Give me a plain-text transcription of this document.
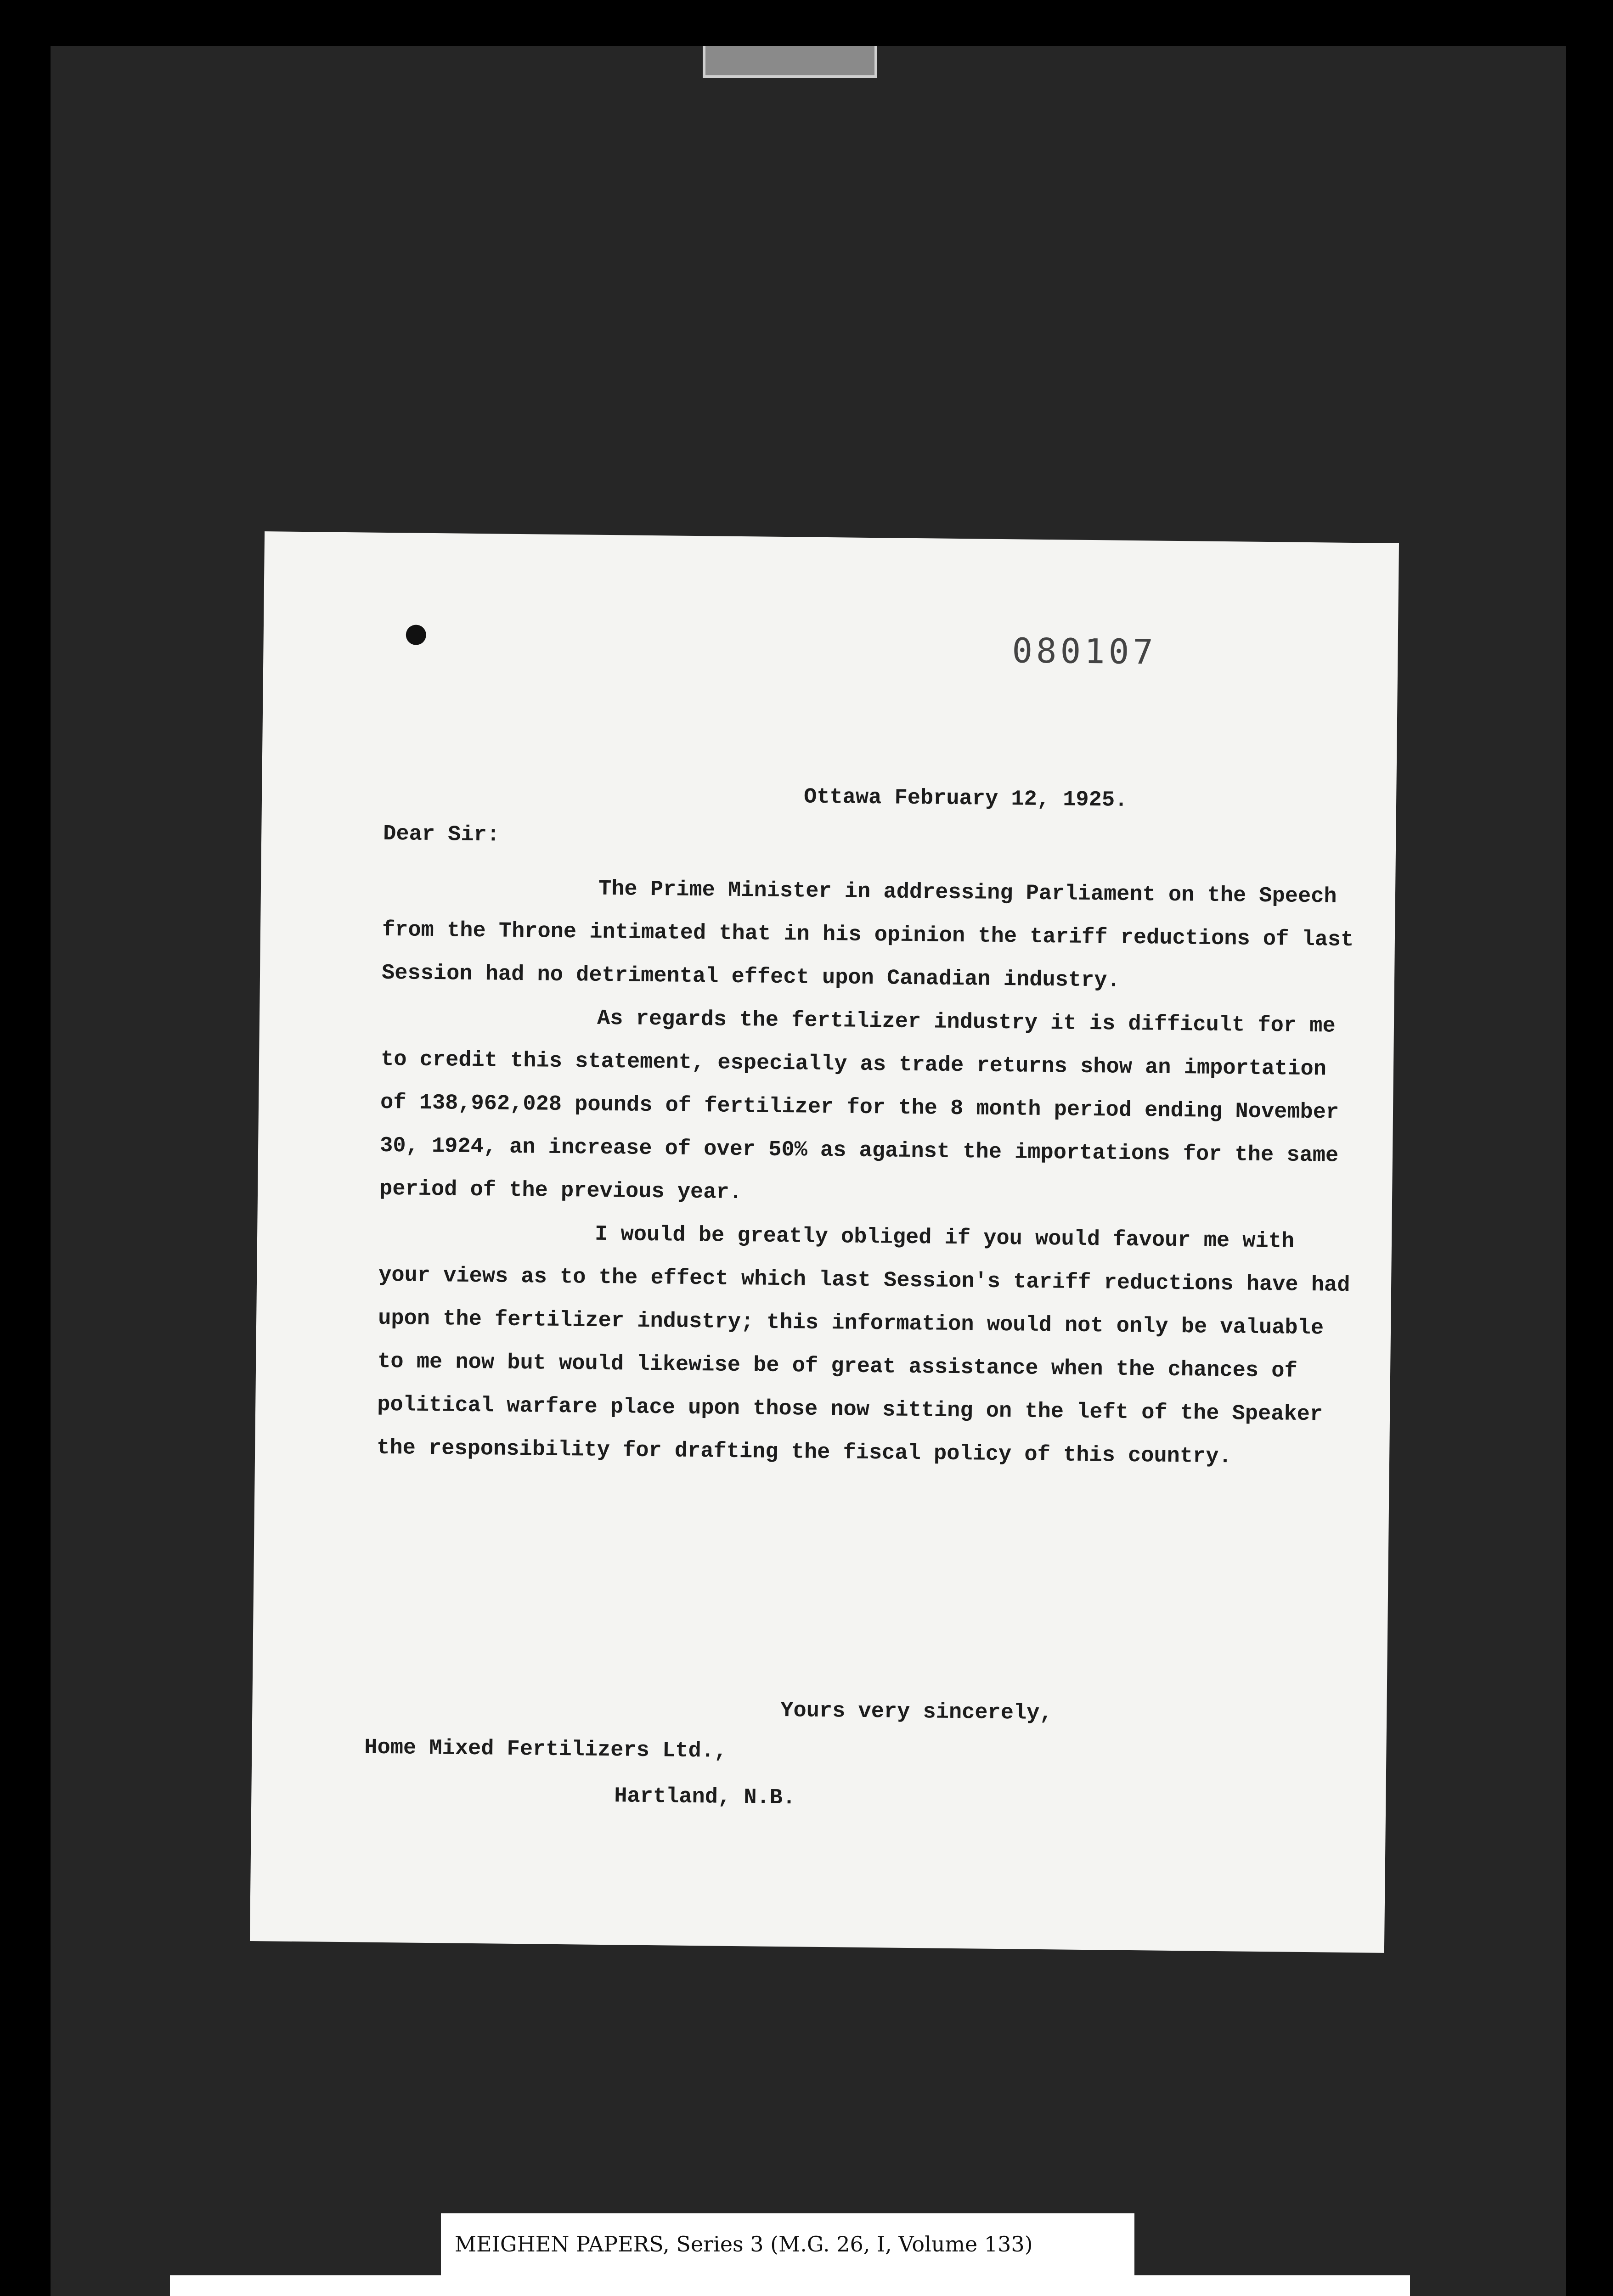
080107
Ottawa February 12, 1925.
Dear Sir:

The Prime Minister in addressing Parliament on the Speech from the Throne intimated that in his opinion the tariff reductions of last Session had no detrimental effect upon Canadian industry.

As regards the fertilizer industry it is difficult for me to credit this statement, especially as trade returns show an importation of 138,962,028 pounds of fertilizer for the 8 month period ending November 30, 1924, an increase of over 50% as against the importations for the same period of the previous year.

I would be greatly obliged if you would favour me with your views as to the effect which last Session's tariff reductions have had upon the fertilizer industry; this information would not only be valuable to me now but would likewise be of great assistance when the chances of political warfare place upon those now sitting on the left of the Speaker the responsibility for drafting the fiscal policy of this country.

Yours very sincerely,
Home Mixed Fertilizers Ltd.,
Hartland, N.B.
MEIGHEN PAPERS, Series 3 (M.G. 26, I, Volume 133)
